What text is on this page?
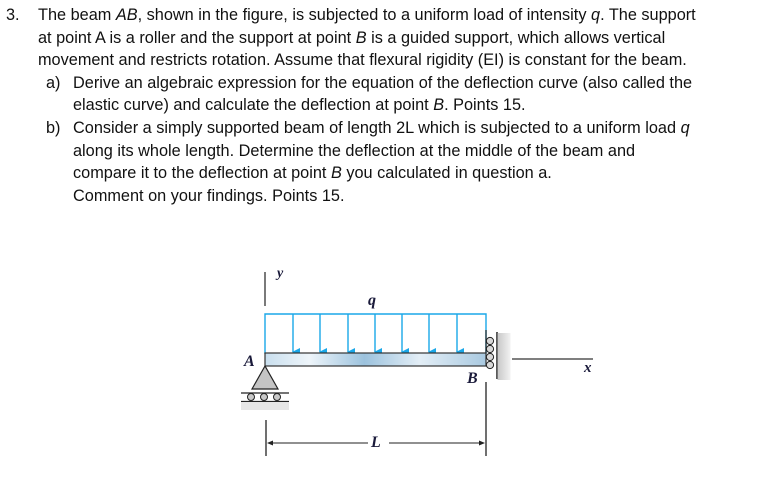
3. The beam AB, shown in the figure, is subjected to a uniform load of intensity q. The support
at point A is a roller and the support at point B is a guided support, which allows vertical
movement and restricts rotation. Assume that flexural rigidity (EI) is constant for the beam.
a) Derive an algebraic expression for the equation of the deflection curve (also called the
elastic curve) and calculate the deflection at point B. Points 15.
b) Consider a simply supported beam of length 2L which is subjected to a uniform load q
along its whole length. Determine the deflection at the middle of the beam and
compare it to the deflection at point B you calculated in question a.
Comment on your findings. Points 15.
y
q
A
B
x
L
